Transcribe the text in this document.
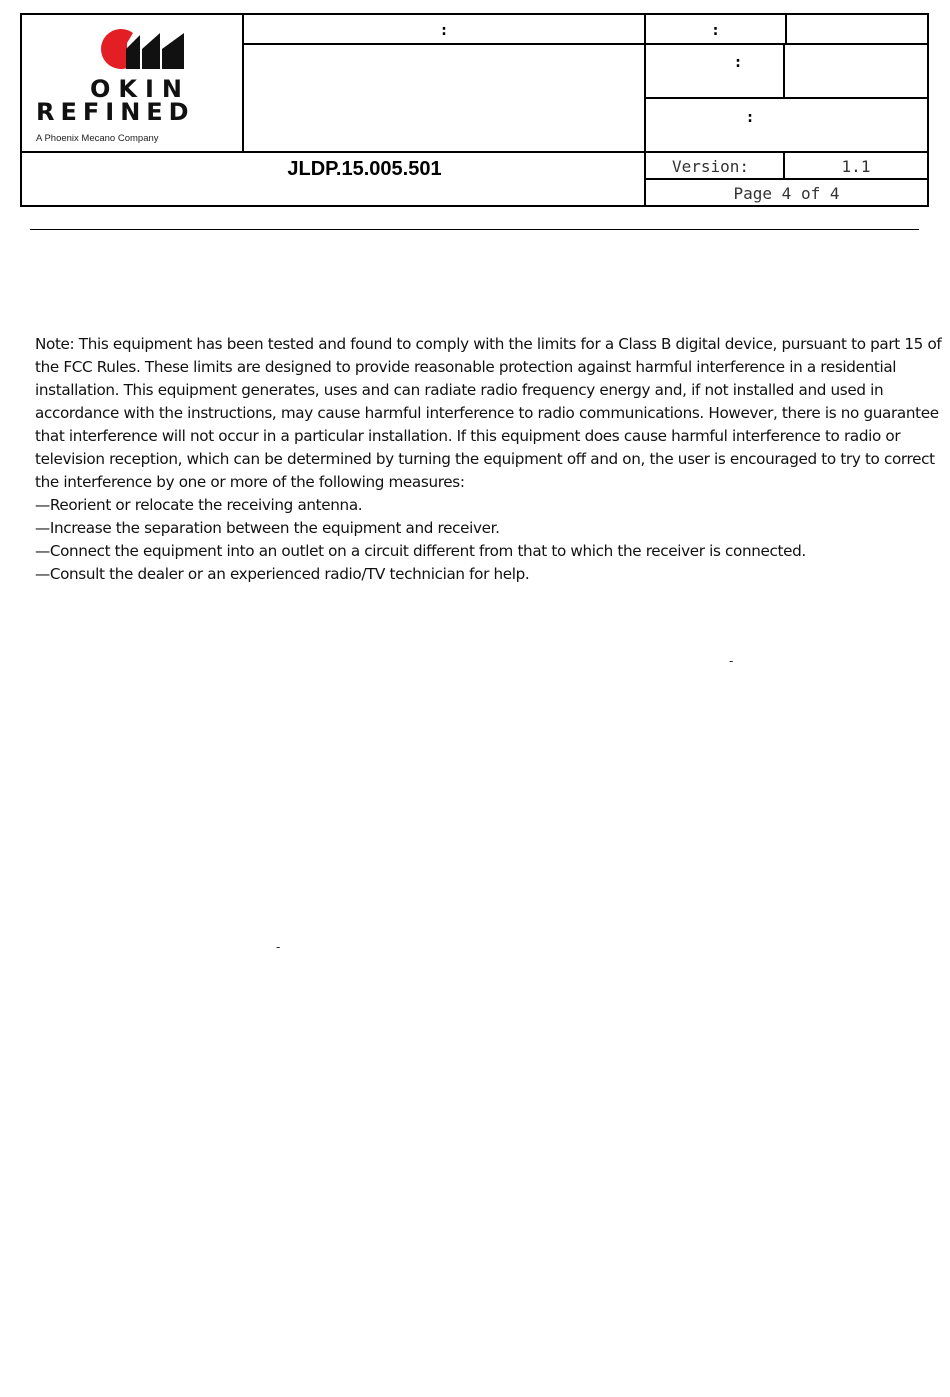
OKIN
REFINED
A Phoenix Mecano Company
:	:
:
:
JLDP.15.005.501	Version:	1.1
Page 4 of 4

Note: This equipment has been tested and found to comply with the limits for a Class B digital device, pursuant to part 15 of the FCC Rules. These limits are designed to provide reasonable protection against harmful interference in a residential installation. This equipment generates, uses and can radiate radio frequency energy and, if not installed and used in accordance with the instructions, may cause harmful interference to radio communications. However, there is no guarantee that interference will not occur in a particular installation. If this equipment does cause harmful interference to radio or television reception, which can be determined by turning the equipment off and on, the user is encouraged to try to correct the interference by one or more of the following measures:

—Reorient or relocate the receiving antenna.

—Increase the separation between the equipment and receiver.

—Connect the equipment into an outlet on a circuit different from that to which the receiver is connected.

—Consult the dealer or an experienced radio/TV technician for help.

-
-
